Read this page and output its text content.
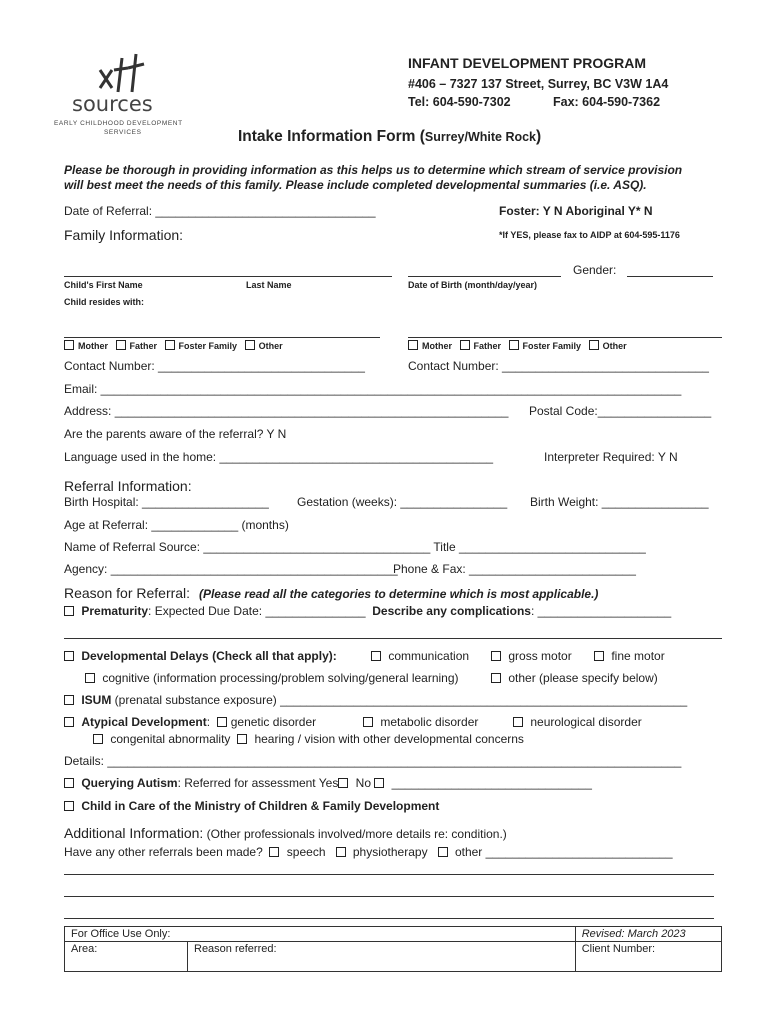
sources
EARLY CHILDHOOD DEVELOPMENT
SERVICES
INFANT DEVELOPMENT PROGRAM
#406 – 7327 137 Street, Surrey, BC V3W 1A4
Tel: 604-590-7302	Fax: 604-590-7362
Intake Information Form (Surrey/White Rock)
Please be thorough in providing information as this helps us to determine which stream of service provision
will best meet the needs of this family. Please include completed developmental summaries (i.e. ASQ).
Date of Referral: _________________________________	Foster: Y N Aboriginal Y* N
Family Information:	*If YES, please fax to AIDP at 604-595-1176
Gender:
Child's First Name	Last Name	Date of Birth (month/day/year)
Child resides with:
Mother Father Foster Family Other	Mother Father Foster Family Other
Contact Number: _______________________________	Contact Number: _______________________________
Email: _______________________________________________________________________________________
Address: ___________________________________________________________ Postal Code:_________________
Are the parents aware of the referral? Y N
Language used in the home: _________________________________________	Interpreter Required: Y N
Referral Information:
Birth Hospital: ___________________ Gestation (weeks): ________________ Birth Weight: ________________
Age at Referral: _____________ (months)
Name of Referral Source: __________________________________ Title ____________________________
Agency: ___________________________________________
Phone & Fax: _________________________
Reason for Referral: (Please read all the categories to determine which is most applicable.)
Prematurity: Expected Due Date: _______________ Describe any complications: ____________________
Developmental Delays (Check all that apply):	communication	gross motor	fine motor
cognitive (information processing/problem solving/general learning)	other (please specify below)
ISUM (prenatal substance exposure) _____________________________________________________________
Atypical Development:  genetic disorder	metabolic disorder	neurological disorder
congenital abnormality hearing / vision with other developmental concerns
Details: ______________________________________________________________________________________
Querying Autism: Referred for assessment Yes No  ______________________________
Child in Care of the Ministry of Children & Family Development
Additional Information: (Other professionals involved/more details re: condition.)
Have any other referrals been made? speech physiotherapy other ____________________________
For Office Use Only:		Revised: March 2023
Area:	Reason referred:	Client Number:
